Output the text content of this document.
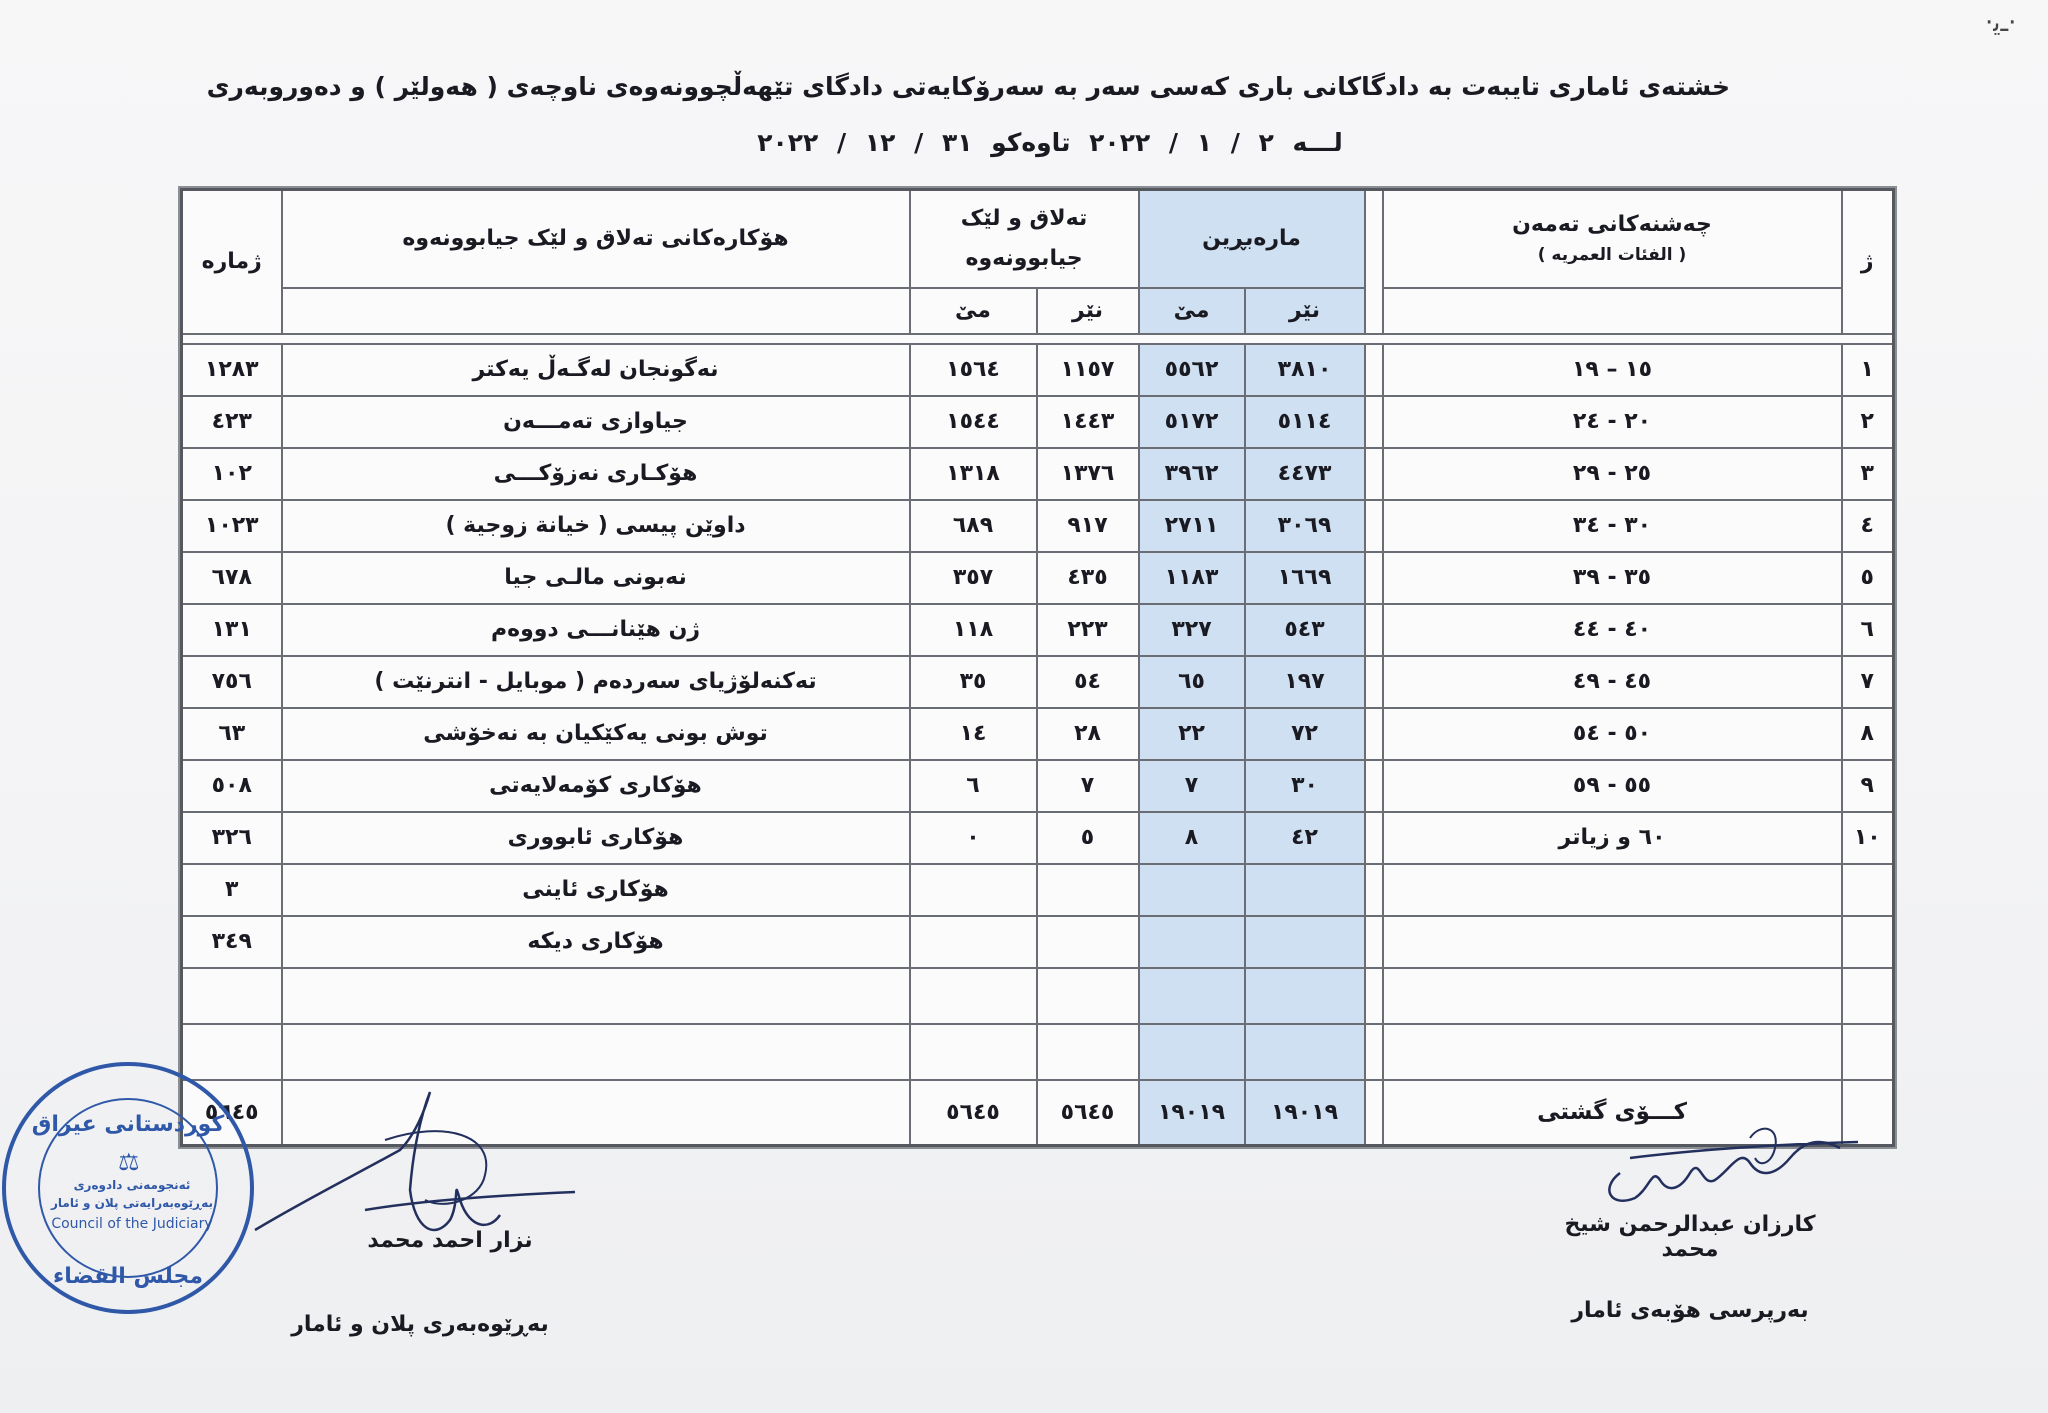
·ـﯾ·
خشتەی ئاماری تایبەت بە دادگاکانی باری کەسی سەر بە سەرۆکایەتی دادگای تێهەڵچوونەوەی ناوچەی ( هەولێر ) و دەوروبەری
لـــە ٢ / ١ / ٢٠٢٢ تاوەکو ٣١ / ١٢ / ٢٠٢٢
ژمارە	هۆکارەکانی تەلاق و لێک جیابوونەوە	تەلاق و لێک جیابوونەوە		مارەبڕین			چەشنەکانی تەمەن
( الفئات العمريه )	ژ
		مێ	نێر	مێ	نێر			

١٢٨٣	نەگونجان لەگـەڵ یەکتر	١٥٦٤	١١٥٧	٥٥٦٢	٣٨١٠		١٥ – ١٩	١
٤٢٣	جیاوازی تەمـــەن	١٥٤٤	١٤٤٣	٥١٧٢	٥١١٤		٢٠ - ٢٤	٢
١٠٢	هۆکـاری نەزۆکـــی	١٣١٨	١٣٧٦	٣٩٦٢	٤٤٧٣		٢٥ - ٢٩	٣
١٠٢٣	داوێن پیسی ( خيانة زوجية )	٦٨٩	٩١٧	٢٧١١	٣٠٦٩		٣٠ - ٣٤	٤
٦٧٨	نەبونی مالـی جیا	٣٥٧	٤٣٥	١١٨٣	١٦٦٩		٣٥ - ٣٩	٥
١٣١	ژن هێنانـــی دووەم	١١٨	٢٢٣	٣٢٧	٥٤٣		٤٠ - ٤٤	٦
٧٥٦	تەکنەلۆژیای سەردەم ( موبایل - انترنێت )	٣٥	٥٤	٦٥	١٩٧		٤٥ - ٤٩	٧
٦٣	توش بونی یەکێکیان بە نەخۆشی	١٤	٢٨	٢٢	٧٢		٥٠ - ٥٤	٨
٥٠٨	هۆکاری کۆمەلایەتی	٦	٧	٧	٣٠		٥٥ - ٥٩	٩
٣٢٦	هۆکاری ئابووری	٠	٥	٨	٤٢		٦٠ و زیاتر	١٠
٣	هۆکاری ئاینی							
٣٤٩	هۆکاری دیکە							

٥٦٤٥		٥٦٤٥	٥٦٤٥	١٩٠١٩	١٩٠١٩		كـــۆی گشتی	
کوردستانی عیراق
⚖
ئەنجومەنی دادوەری
بەڕێوەبەرایەتی پلان و ئامار
Council of the Judiciary
مجلس القضاء
نزار احمد محمد
بەڕێوەبەری پلان و ئامار
کارزان عبدالرحمن شیخ محمد
بەرپرسی هۆبەی ئامار
